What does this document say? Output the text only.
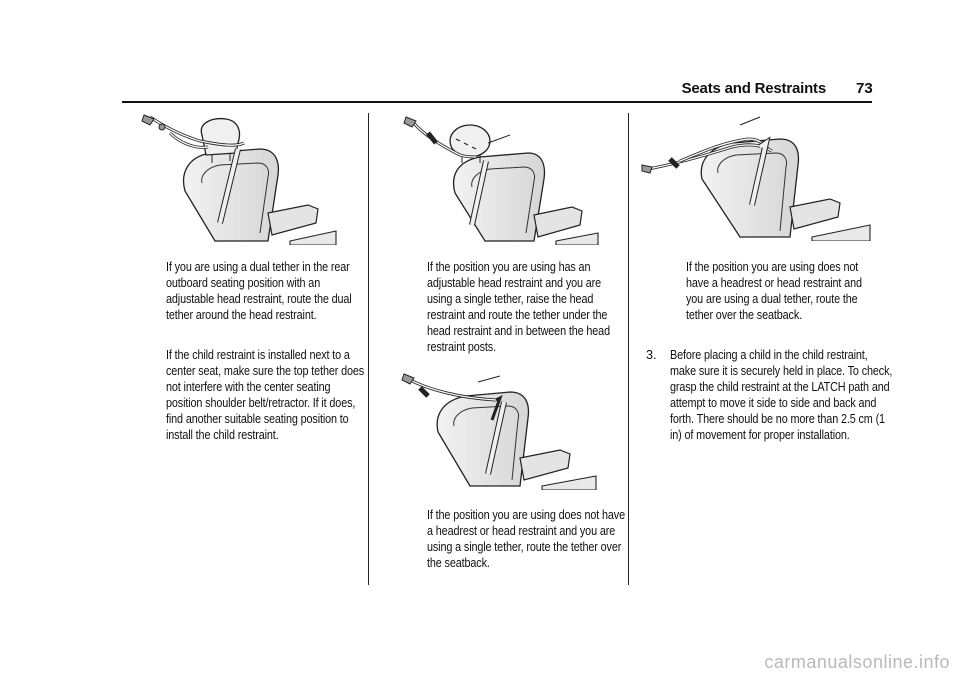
Seats and Restraints 73

If you are using a dual tether in the rear outboard seating position with an adjustable head restraint, route the dual tether around the head restraint.

If the child restraint is installed next to a center seat, make sure the top tether does not interfere with the center seating position shoulder belt/retractor. If it does, find another suitable seating position to install the child restraint.

If the position you are using has an adjustable head restraint and you are using a single tether, raise the head restraint and route the tether under the head restraint and in between the head restraint posts.

If the position you are using does not have a headrest or head restraint and you are using a single tether, route the tether over the seatback.

If the position you are using does not have a headrest or head restraint and you are using a dual tether, route the tether over the seatback.

3. Before placing a child in the child restraint, make sure it is securely held in place. To check, grasp the child restraint at the LATCH path and attempt to move it side to side and back and forth. There should be no more than 2.5 cm (1 in) of movement for proper installation.

carmanualsonline.info
